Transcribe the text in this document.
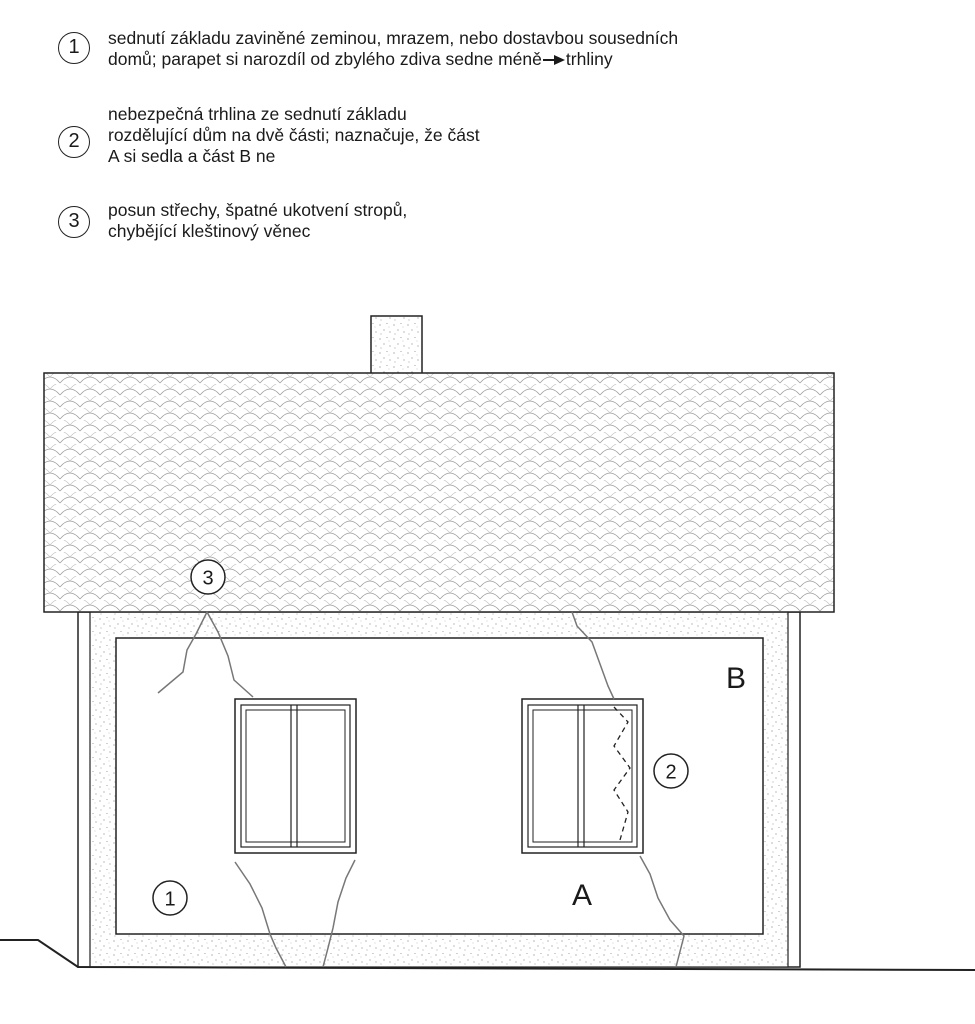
1	sednutí základu zaviněné zeminou, mrazem, nebo dostavbou sousedních
domů; parapet si narozdíl od zbylého zdiva sedne méně trhliny
2
nebezpečná trhlina ze sednutí základu
rozdělující dům na dvě části; naznačuje, že část
A si sedla a část B ne
3	posun střechy, špatné ukotvení stropů,
chybějící kleštinový věnec
3
2
1
B
A
